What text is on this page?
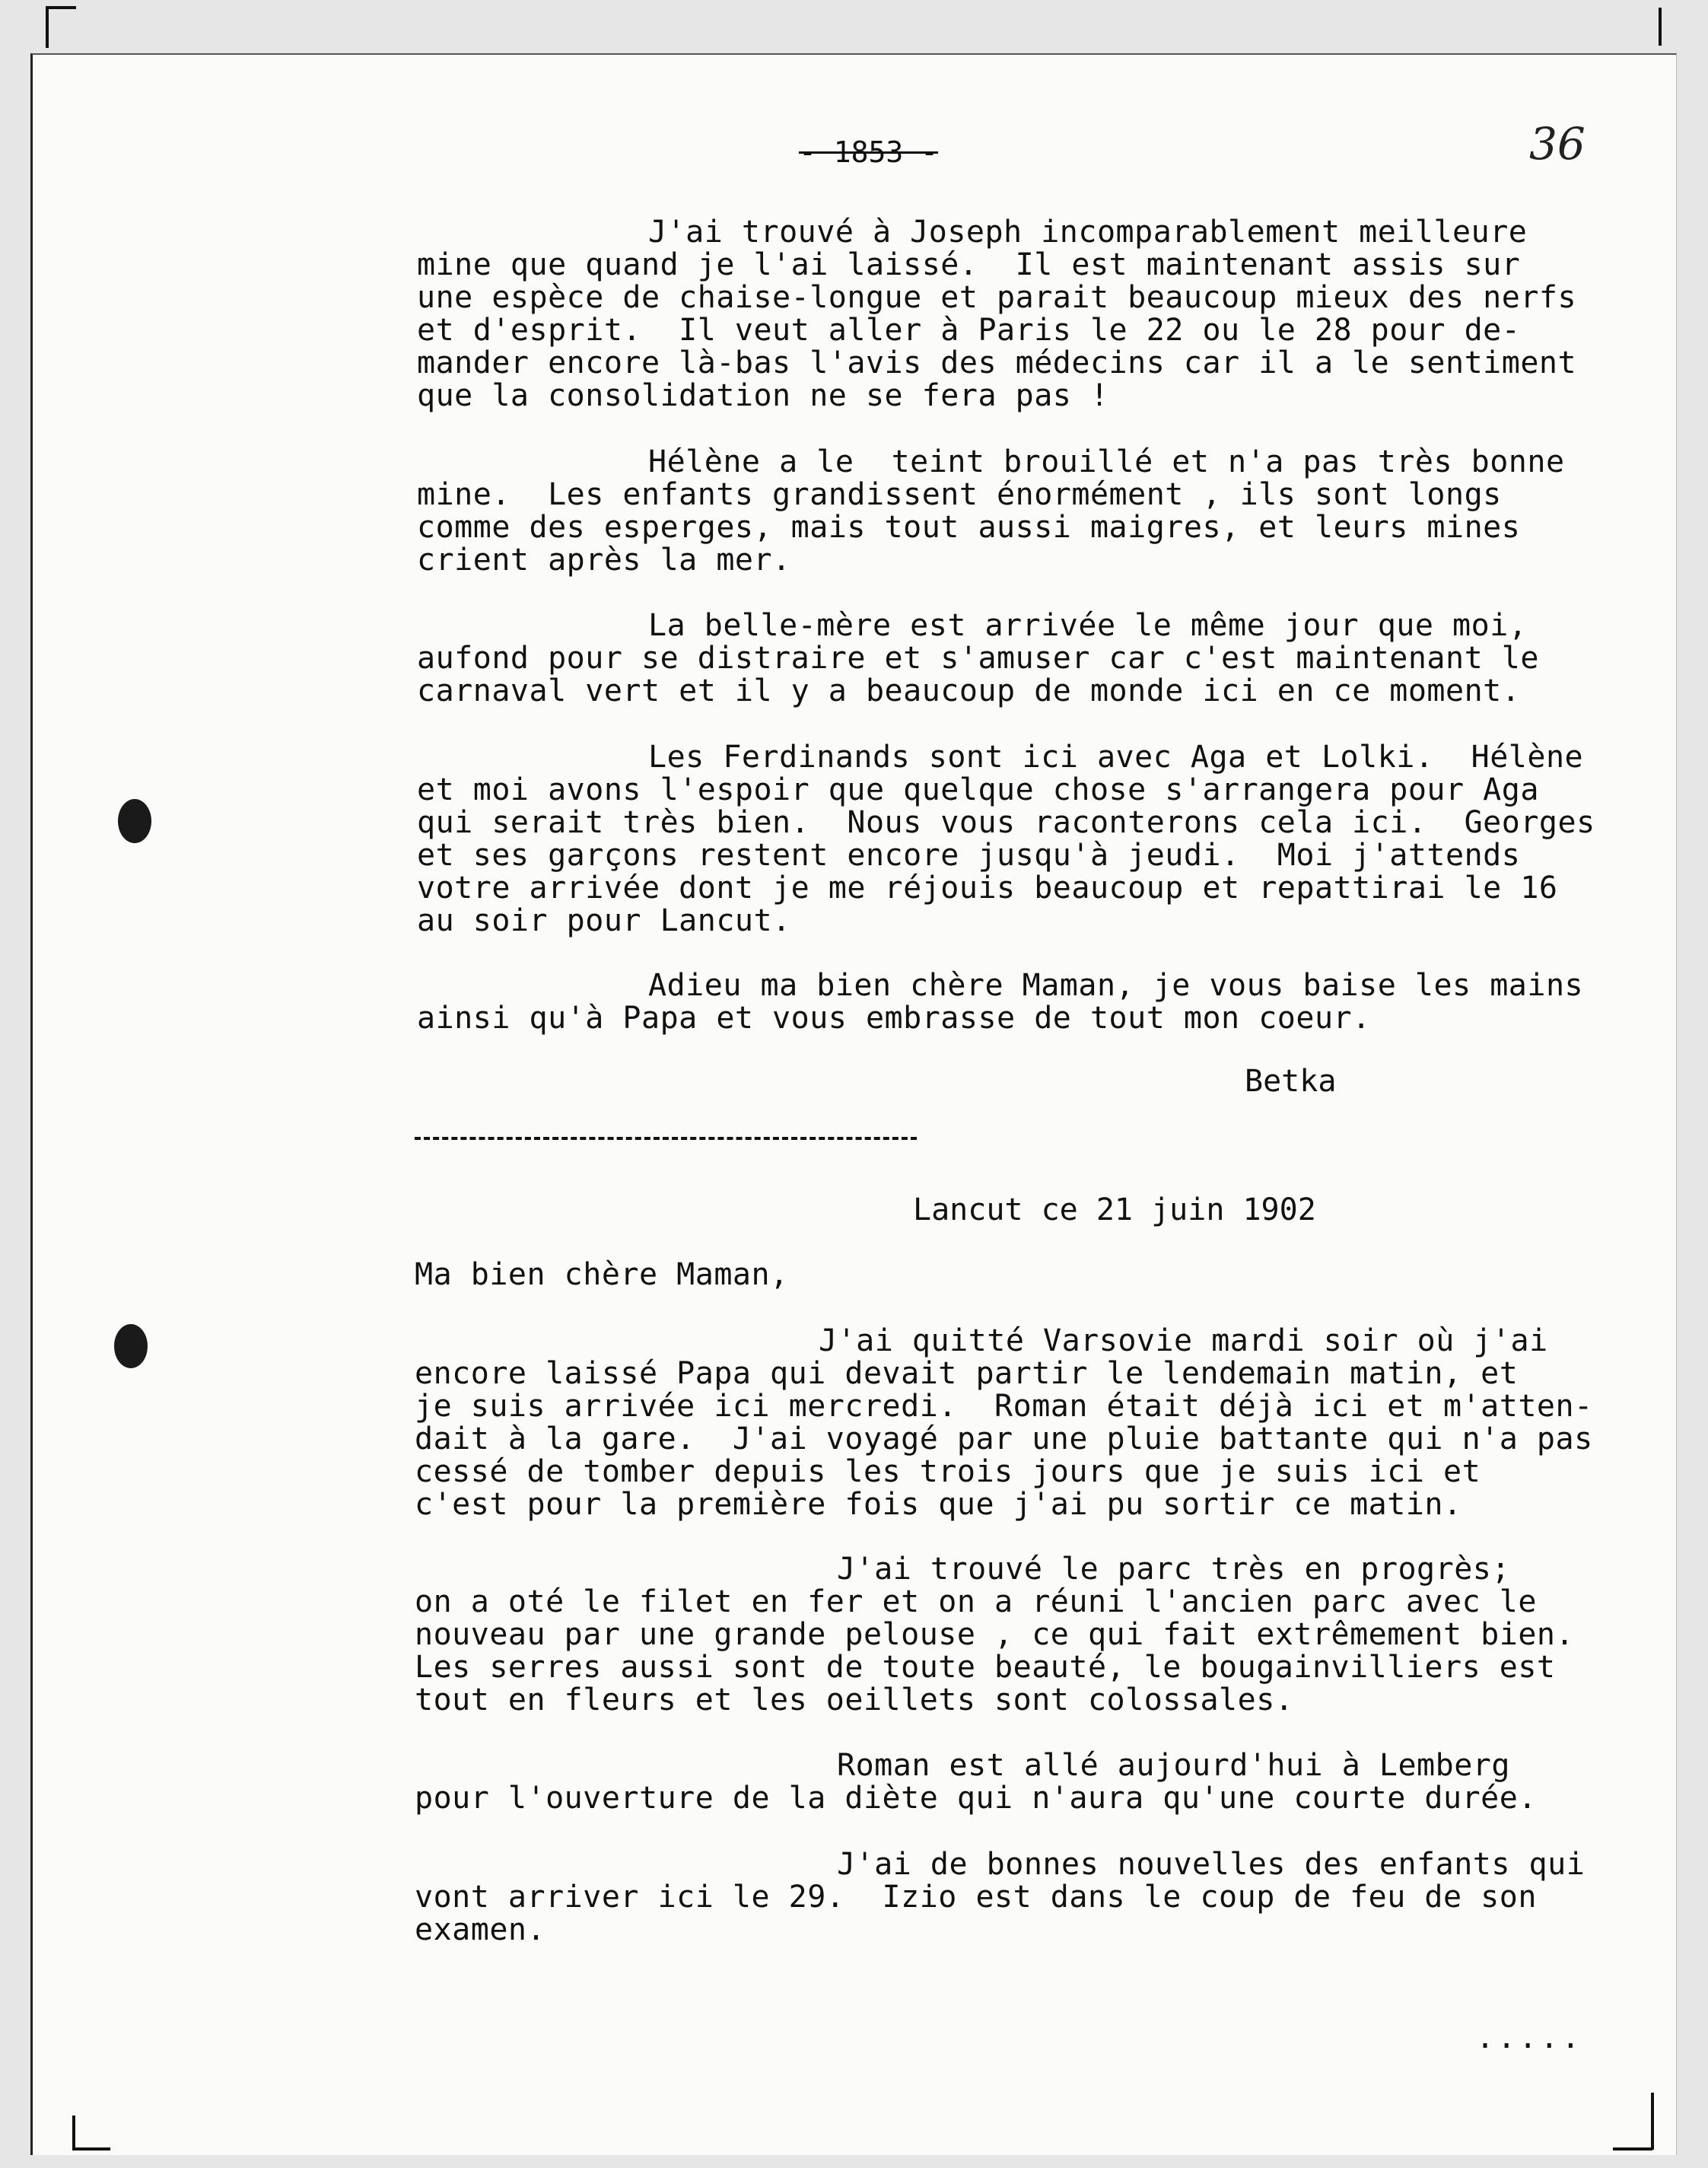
- 1853 -	36
J'ai trouvé à Joseph incomparablement meilleure
mine que quand je l'ai laissé.  Il est maintenant assis sur
une espèce de chaise-longue et parait beaucoup mieux des nerfs
et d'esprit.  Il veut aller à Paris le 22 ou le 28 pour de-
mander encore là-bas l'avis des médecins car il a le sentiment
que la consolidation ne se fera pas !
Hélène a le  teint brouillé et n'a pas très bonne
mine.  Les enfants grandissent énormément , ils sont longs
comme des esperges, mais tout aussi maigres, et leurs mines
crient après la mer.
La belle-mère est arrivée le même jour que moi,
aufond pour se distraire et s'amuser car c'est maintenant le
carnaval vert et il y a beaucoup de monde ici en ce moment.
Les Ferdinands sont ici avec Aga et Lolki.  Hélène
et moi avons l'espoir que quelque chose s'arrangera pour Aga
qui serait très bien.  Nous vous raconterons cela ici.  Georges
et ses garçons restent encore jusqu'à jeudi.  Moi j'attends
votre arrivée dont je me réjouis beaucoup et repattirai le 16
au soir pour Lancut.
Adieu ma bien chère Maman, je vous baise les mains
ainsi qu'à Papa et vous embrasse de tout mon coeur.
Betka
Lancut ce 21 juin 1902
Ma bien chère Maman,
J'ai quitté Varsovie mardi soir où j'ai
encore laissé Papa qui devait partir le lendemain matin, et
je suis arrivée ici mercredi.  Roman était déjà ici et m'atten-
dait à la gare.  J'ai voyagé par une pluie battante qui n'a pas
cessé de tomber depuis les trois jours que je suis ici et
c'est pour la première fois que j'ai pu sortir ce matin.
J'ai trouvé le parc très en progrès;
on a oté le filet en fer et on a réuni l'ancien parc avec le
nouveau par une grande pelouse , ce qui fait extrêmement bien.
Les serres aussi sont de toute beauté, le bougainvilliers est
tout en fleurs et les oeillets sont colossales.
Roman est allé aujourd'hui à Lemberg
pour l'ouverture de la diète qui n'aura qu'une courte durée.
J'ai de bonnes nouvelles des enfants qui
vont arriver ici le 29.  Izio est dans le coup de feu de son
examen.
.....
